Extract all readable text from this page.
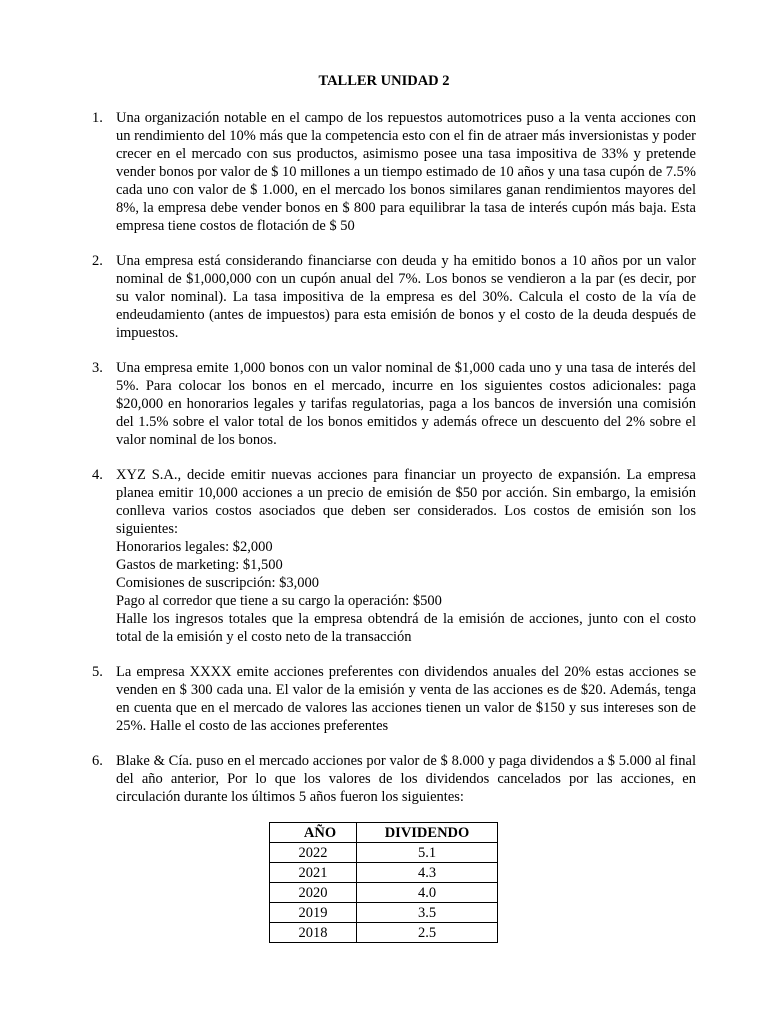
TALLER UNIDAD 2
1. Una organización notable en el campo de los repuestos automotrices puso a la venta acciones con un rendimiento del 10% más que la competencia esto con el fin de atraer más inversionistas y poder crecer en el mercado con sus productos, asimismo posee una tasa impositiva de 33% y pretende vender bonos por valor de $ 10 millones a un tiempo estimado de 10 años y una tasa cupón de 7.5% cada uno con valor de $ 1.000, en el mercado los bonos similares ganan rendimientos mayores del 8%, la empresa debe vender bonos en $ 800 para equilibrar la tasa de interés cupón más baja. Esta empresa tiene costos de flotación de $ 50

2. Una empresa está considerando financiarse con deuda y ha emitido bonos a 10 años por un valor nominal de $1,000,000 con un cupón anual del 7%. Los bonos se vendieron a la par (es decir, por su valor nominal). La tasa impositiva de la empresa es del 30%. Calcula el costo de la vía de endeudamiento (antes de impuestos) para esta emisión de bonos y el costo de la deuda después de impuestos.

3. Una empresa emite 1,000 bonos con un valor nominal de $1,000 cada uno y una tasa de interés del 5%. Para colocar los bonos en el mercado, incurre en los siguientes costos adicionales: paga $20,000 en honorarios legales y tarifas regulatorias, paga a los bancos de inversión una comisión del 1.5% sobre el valor total de los bonos emitidos y además ofrece un descuento del 2% sobre el valor nominal de los bonos.

4. XYZ S.A., decide emitir nuevas acciones para financiar un proyecto de expansión. La empresa planea emitir 10,000 acciones a un precio de emisión de $50 por acción. Sin embargo, la emisión conlleva varios costos asociados que deben ser considerados. Los costos de emisión son los siguientes:

Honorarios legales: $2,000
Gastos de marketing: $1,500
Comisiones de suscripción: $3,000
Pago al corredor que tiene a su cargo la operación: $500

Halle los ingresos totales que la empresa obtendrá de la emisión de acciones, junto con el costo total de la emisión y el costo neto de la transacción

5. La empresa XXXX emite acciones preferentes con dividendos anuales del 20% estas acciones se venden en $ 300 cada una. El valor de la emisión y venta de las acciones es de $20. Además, tenga en cuenta que en el mercado de valores las acciones tienen un valor de $150 y sus intereses son de 25%. Halle el costo de las acciones preferentes

6. Blake & Cía. puso en el mercado acciones por valor de $ 8.000 y paga dividendos a $ 5.000 al final del año anterior, Por lo que los valores de los dividendos cancelados por las acciones, en circulación durante los últimos 5 años fueron los siguientes:

AÑO	DIVIDENDO
2022	5.1
2021	4.3
2020	4.0
2019	3.5
2018	2.5
